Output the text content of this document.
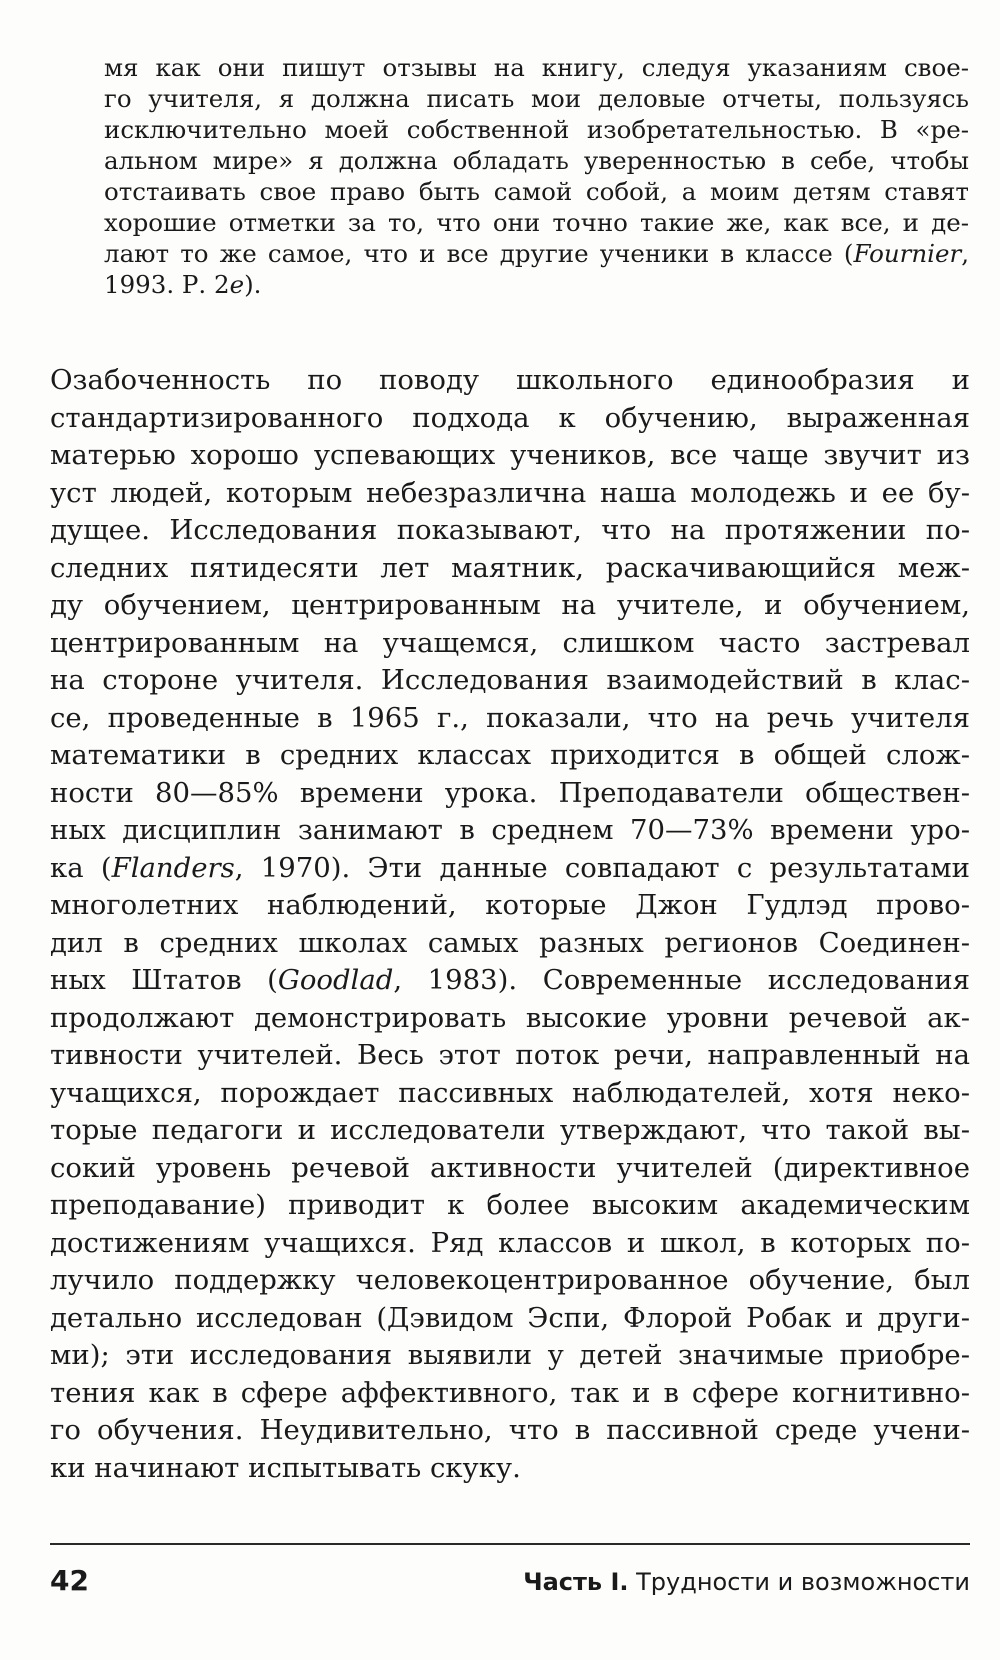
мя как они пишут отзывы на книгу, следуя указаниям свое-
го учителя, я должна писать мои деловые отчеты, пользуясь
исключительно моей собственной изобретательностью. В «ре-
альном мире» я должна обладать уверенностью в себе, чтобы
отстаивать свое право быть самой собой, а моим детям ставят
хорошие отметки за то, что они точно такие же, как все, и де-
лают то же самое, что и все другие ученики в классе (Fournier,
1993. Р. 2е).
Озабоченность по поводу школьного единообразия и
стандартизированного подхода к обучению, выраженная
матерью хорошо успевающих учеников, все чаще звучит из
уст людей, которым небезразлична наша молодежь и ее бу-
дущее. Исследования показывают, что на протяжении по-
следних пятидесяти лет маятник, раскачивающийся меж-
ду обучением, центрированным на учителе, и обучением,
центрированным на учащемся, слишком часто застревал
на стороне учителя. Исследования взаимодействий в клас-
се, проведенные в 1965 г., показали, что на речь учителя
математики в средних классах приходится в общей слож-
ности 80—85% времени урока. Преподаватели обществен-
ных дисциплин занимают в среднем 70—73% времени уро-
ка (Flanders, 1970). Эти данные совпадают с результатами
многолетних наблюдений, которые Джон Гудлэд прово-
дил в средних школах самых разных регионов Соединен-
ных Штатов (Goodlad, 1983). Современные исследования
продолжают демонстрировать высокие уровни речевой ак-
тивности учителей. Весь этот поток речи, направленный на
учащихся, порождает пассивных наблюдателей, хотя неко-
торые педагоги и исследователи утверждают, что такой вы-
сокий уровень речевой активности учителей (директивное
преподавание) приводит к более высоким академическим
достижениям учащихся. Ряд классов и школ, в которых по-
лучило поддержку человекоцентрированное обучение, был
детально исследован (Дэвидом Эспи, Флорой Робак и други-
ми); эти исследования выявили у детей значимые приобре-
тения как в сфере аффективного, так и в сфере когнитивно-
го обучения. Неудивительно, что в пассивной среде учени-
ки начинают испытывать скуку.
42	Часть I. Трудности и возможности
